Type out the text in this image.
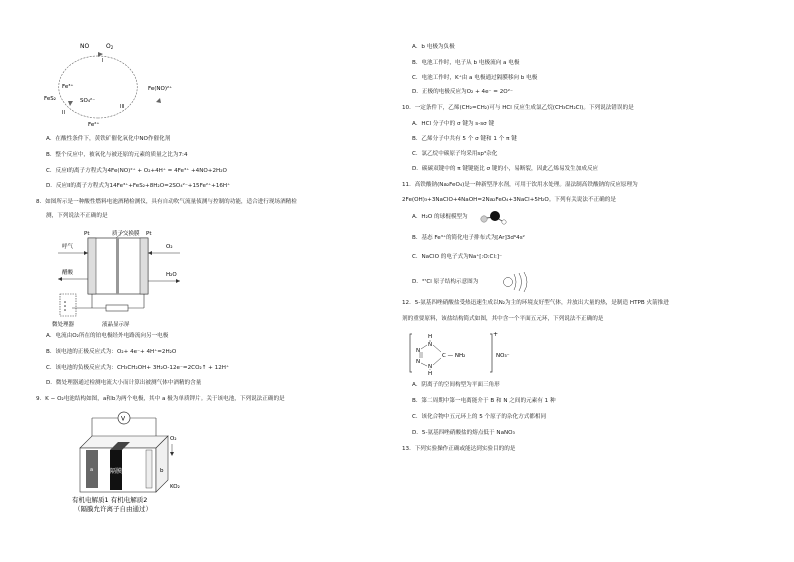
NO	O2
I
Fe³⁺	Fe(NO)²⁺
FeS₂	SO₄²⁻
II
III
Fe²⁺
A．在酸性条件下，黄铁矿催化氧化中NO作催化剂
B．整个反应中，被氧化与被还原的元素的质量之比为7:4
C．反应I的离子方程式为4Fe(NO)²⁺ + O₂+4H⁺ = 4Fe³⁺ +4NO+2H₂O
D．反应II的离子方程式为14Fe³⁺+FeS₂+8H₂O=2SO₄²⁻+15Fe²⁺+16H⁺
8．如图所示是一种酸性燃料电池酒精检测仪，具有自动吹气流量侦测与控制的功能，适合进行现场酒精检
测，下列说法不正确的是
Pt	质子交换膜 Pt
呼气	O₂
醋酸	H₂O
微处理器	液晶显示屏
A．电流由O₂所在的铂电极经外电路流向另一电极
B．该电池的正极反应式为：O₂+ 4e⁻+ 4H⁺=2H₂O
C．该电池的负极反应式为：CH₃CH₂OH+ 3H₂O-12e⁻=2CO₂↑ + 12H⁺
D．微处理器通过检测电流大小而计算出被测气体中酒精的含量
9．K − O₂电池结构如图，a和b为两个电极，其中 a 极为单质钾片。关于该电池，下列说法正确的是
V
a	隔膜	b
O₂
KO₂
有机电解质1 有机电解质2
（隔膜允许离子自由通过）
A．b 电极为负极
B．电池工作时，电子从 b 电极流向 a 电极
C．电池工作时，K⁺由 a 电极通过隔膜移向 b 电极
D．正极的电极反应为O₂ + 4e⁻ = 2O²⁻
10．一定条件下，乙烯(CH₂=CH₂)可与 HCl 反应生成氯乙烷(CH₃CH₂Cl)。下列说法错误的是
A．HCl 分子中的 σ 键为 s-sσ 键
B．乙烯分子中共有 5 个 σ 键和 1 个 π 键
C．氯乙烷中碳原子均采用sp³杂化
D．碳碳双键中的 π 键键能比 σ 键的小，易断裂，因此乙烯易发生加成反应
11．高铁酸钠(Na₂FeO₄)是一种新型净水剂，可用于饮用水处理。湿法制高铁酸钠的反应原理为
2Fe(OH)₃+3NaClO+4NaOH=2Na₂FeO₄+3NaCl+5H₂O。下列有关说法不正确的是
A．H₂O 的球棍模型为
B．基态 Fe³⁺的简化电子排布式为[Ar]3d⁶4s²
C．NaClO 的电子式为Na⁺[:O:Cl:]⁻
D．³⁷Cl 原子结构示意图为
12．5-氨基四唑硝酸盐受热迅速生成以N₂为主的环境友好型气体，并放出大量的热，是制造 HTPB 火箭推进
剂的重要原料，该盐结构简式如图，其中含一个平面五元环，下列说法不正确的是
H
N
N
N
N
H
C — NH₂
+
NO₃⁻
A．阴离子的空间构型为平面三角形
B．第二周期中第一电离能介于 B 和 N 之间的元素有 1 种
C．该化合物中五元环上的 5 个原子的杂化方式都相同
D．5-氨基四唑硝酸盐的熔点低于 NaNO₃
13．下列实验操作正确或能达到实验目的的是
